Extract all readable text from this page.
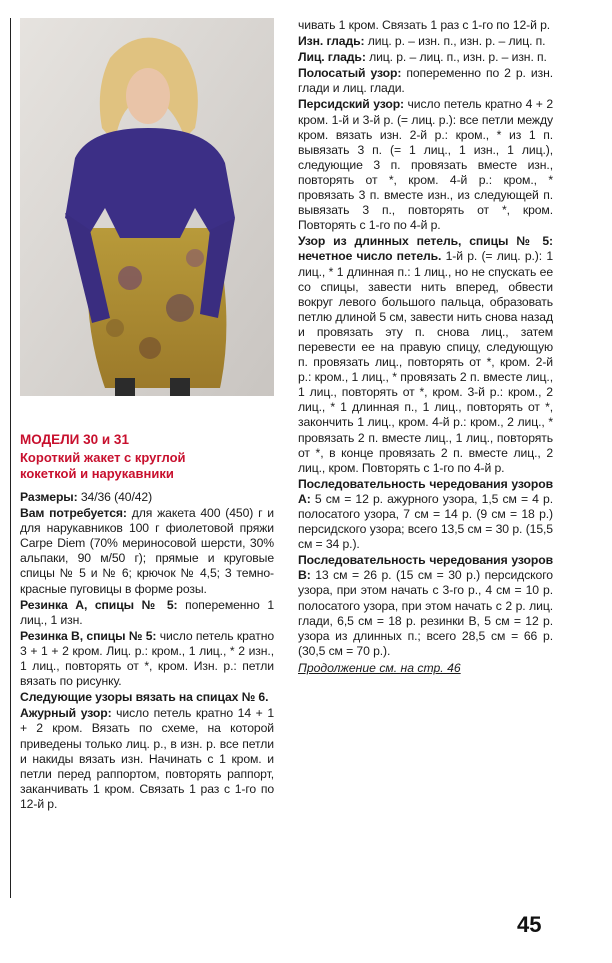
МОДЕЛИ 30 и 31
Короткий жакет с круглой кокеткой и нарукавники
Размеры: 34/36 (40/42)
Вам потребуется: для жакета 400 (450) г и для нарукавников 100 г фиолетовой пряжи Carpe Diem (70% мериносовой шерсти, 30% альпаки, 90 м/50 г); прямые и круговые спицы № 5 и № 6; крючок № 4,5; 3 темно-красные пуговицы в форме розы.
Резинка А, спицы № 5: попеременно 1 лиц., 1 изн.
Резинка В, спицы № 5: число петель кратно 3 + 1 + 2 кром. Лиц. р.: кром., 1 лиц., * 2 изн., 1 лиц., повторять от *, кром. Изн. р.: петли вязать по рисунку.
Следующие узоры вязать на спицах № 6.
Ажурный узор: число петель кратно 14 + 1 + 2 кром. Вязать по схеме, на которой приведены только лиц. р., в изн. р. все петли и накиды вязать изн. Начинать с 1 кром. и петли перед раппортом, повторять раппорт, заканчивать 1 кром. Связать 1 раз с 1-го по 12-й р.
чивать 1 кром. Связать 1 раз с 1-го по 12-й р.
Изн. гладь: лиц. р. – изн. п., изн. р. – лиц. п.
Лиц. гладь: лиц. р. – лиц. п., изн. р. – изн. п.
Полосатый узор: попеременно по 2 р. изн. глади и лиц. глади.
Персидский узор: число петель кратно 4 + 2 кром. 1-й и 3-й р. (= лиц. р.): все петли между кром. вязать изн. 2-й р.: кром., * из 1 п. вывязать 3 п. (= 1 лиц., 1 изн., 1 лиц.), следующие 3 п. провязать вместе изн., повторять от *, кром. 4-й р.: кром., * провязать 3 п. вместе изн., из следующей п. вывязать 3 п., повторять от *, кром. Повторять с 1-го по 4-й р.
Узор из длинных петель, спицы № 5: нечетное число петель. 1-й р. (= лиц. р.): 1 лиц., * 1 длинная п.: 1 лиц., но не спускать ее со спицы, завести нить вперед, обвести вокруг левого большого пальца, образовать петлю длиной 5 см, завести нить снова назад и провязать эту п. снова лиц., затем перевести ее на правую спицу, следующую п. провязать лиц., повторять от *, кром. 2-й р.: кром., 1 лиц., * провязать 2 п. вместе лиц., 1 лиц., повторять от *, кром. 3-й р.: кром., 2 лиц., * 1 длинная п., 1 лиц., повторять от *, закончить 1 лиц., кром. 4-й р.: кром., 2 лиц., * провязать 2 п. вместе лиц., 1 лиц., повторять от *, в конце провязать 2 п. вместе лиц., 2 лиц., кром. Повторять с 1-го по 4-й р.
Последовательность чередования узоров А: 5 см = 12 р. ажурного узора, 1,5 см = 4 р. полосатого узора, 7 см = 14 р. (9 см = 18 р.) персидского узора; всего 13,5 см = 30 р. (15,5 см = 34 р.).
Последовательность чередования узоров В: 13 см = 26 р. (15 см = 30 р.) персидского узора, при этом начать с 3-го р., 4 см = 10 р. полосатого узора, при этом начать с 2 р. лиц. глади, 6,5 см = 18 р. резинки В, 5 см = 12 р. узора из длинных п.; всего 28,5 см = 66 р. (30,5 см = 70 р.).
Продолжение см. на стр. 46
45
